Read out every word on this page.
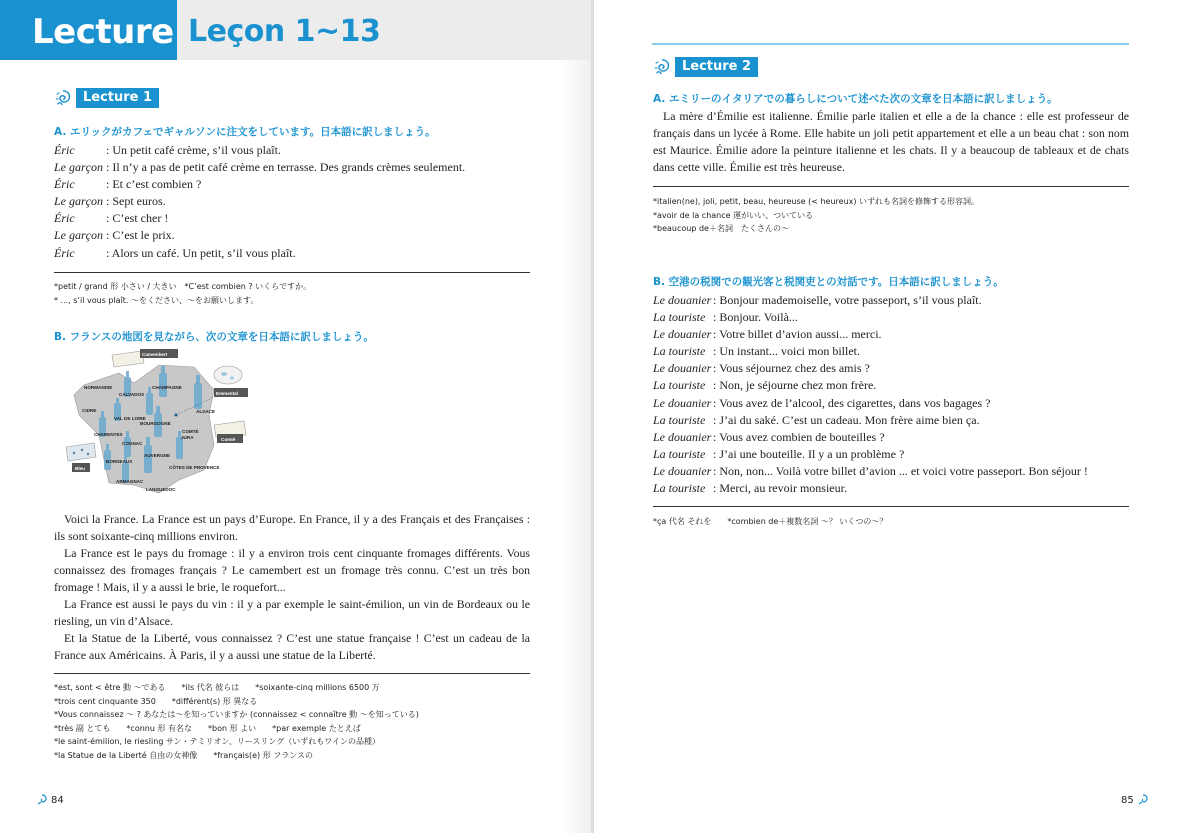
Lecture Leçon 1~13
Lecture 1
A. エリックがカフェでギャルソンに注文をしています。日本語に訳しましょう。
Éric	: Un petit café crème, s’il vous plaît.
Le garçon : Il n’y a pas de petit café crème en terrasse. Des grands crèmes seulement.
Éric	: Et c’est combien ?
Le garçon : Sept euros.
Éric	: C’est cher !
Le garçon : C’est le prix.
Éric	: Alors un café. Un petit, s’il vous plaît.
*petit / grand 形 小さい / 大きい　*C’est combien ? いくらですか。
* ..., s’il vous plaît. 〜をください、〜をお願いします。
B. フランスの地図を見ながら、次の文章を日本語に訳しましょう。
Camembert
NORMANDIE
CALVADOS
CHAMPAGNE
Emmental
CIDRE	ALSACE
VAL DE LOIRE
BOURGOGNE
CHARENTES
COMTÉ
JURA	Comté
COGNAC
AUVERGNE
Bleu
BORDEAUX
CÔTES DE PROVENCE
ARMAGNAC
LANGUEDOC

Voici la France. La France est un pays d’Europe. En France, il y a des Français et des Françaises : ils sont soixante-cinq millions environ.

La France est le pays du fromage : il y a environ trois cent cinquante fromages différents. Vous connaissez des fromages français ? Le camembert est un fromage très connu. C’est un très bon fromage ! Mais, il y a aussi le brie, le roquefort...

La France est aussi le pays du vin : il y a par exemple le saint-émilion, un vin de Bordeaux ou le riesling, un vin d’Alsace.

Et la Statue de la Liberté, vous connaissez ? C’est une statue française ! C’est un cadeau de la France aux Américains. À Paris, il y a aussi une statue de la Liberté.

*est, sont < être 動 〜である　　*ils 代名 彼らは　　*soixante-cinq millions 6500 万
*trois cent cinquante 350　　*différent(s) 形 異なる
*Vous connaissez 〜 ? あなたは〜を知っていますか (connaissez < connaître 動 〜を知っている)
*très 副 とても　　*connu 形 有名な　　*bon 形 よい　　*par exemple たとえば
*le saint-émilion, le riesling サン・テミリオン、リースリング（いずれもワインの品種）
*la Statue de la Liberté 自由の女神像　　*français(e) 形 フランスの
84
Lecture 2
A. エミリーのイタリアでの暮らしについて述べた次の文章を日本語に訳しましょう。

La mère d’Émilie est italienne. Émilie parle italien et elle a de la chance : elle est professeur de français dans un lycée à Rome. Elle habite un joli petit appartement et elle a un beau chat : son nom est Maurice. Émilie adore la peinture italienne et les chats. Il y a beaucoup de tableaux et de chats dans cette ville. Émilie est très heureuse.

*italien(ne), joli, petit, beau, heureuse (< heureux) いずれも名詞を修飾する形容詞。
*avoir de la chance 運がいい、ついている
*beaucoup de＋名詞　たくさんの〜
B. 空港の税関での観光客と税関吏との対話です。日本語に訳しましょう。
Le douanier : Bonjour mademoiselle, votre passeport, s’il vous plaît.
La touriste : Bonjour. Voilà...
Le douanier : Votre billet d’avion aussi... merci.
La touriste : Un instant... voici mon billet.
Le douanier : Vous séjournez chez des amis ?
La touriste : Non, je séjourne chez mon frère.
Le douanier : Vous avez de l’alcool, des cigarettes, dans vos bagages ?
La touriste : J’ai du saké. C’est un cadeau. Mon frère aime bien ça.
Le douanier : Vous avez combien de bouteilles ?
La touriste : J’ai une bouteille. Il y a un problème ?
Le douanier : Non, non... Voilà votre billet d’avion ... et voici votre passeport. Bon séjour !
La touriste : Merci, au revoir monsieur.
*ça 代名 それを　　*combien de＋複数名詞 〜？ いくつの〜？
85
